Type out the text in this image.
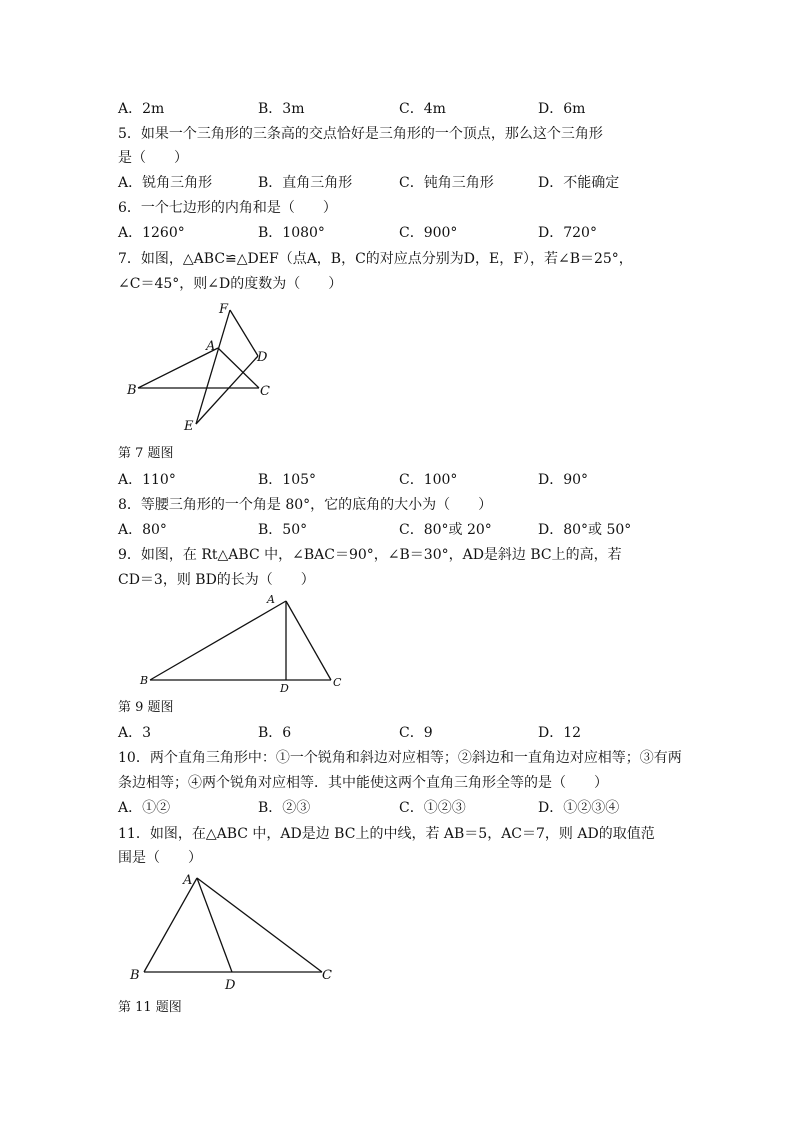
A．2m	B．3m	C．4m	D．6m
5．如果一个三角形的三条高的交点恰好是三角形的一个顶点，那么这个三角形
是（　　）
A．锐角三角形	B．直角三角形	C．钝角三角形	D．不能确定
6．一个七边形的内角和是（　　）
A．1260°	B．1080°	C．900°	D．720°
7．如图，△ABC≌△DEF（点A，B，C的对应点分别为D，E，F），若∠B＝25°，
∠C＝45°，则∠D的度数为（　　）
F
A
D
B	C
E
第 7 题图
A．110°	B．105°	C．100°	D．90°
8．等腰三角形的一个角是 80°，它的底角的大小为（　　）
A．80°	B．50°	C．80°或 20°	D．80°或 50°
9．如图，在 Rt△ABC 中，∠BAC＝90°，∠B＝30°，AD是斜边 BC上的高，若
CD＝3，则 BD的长为（　　）
A
B
D	C
第 9 题图
A．3	B．6	C．9	D．12
10．两个直角三角形中：①一个锐角和斜边对应相等；②斜边和一直角边对应相等；③有两
条边相等；④两个锐角对应相等．其中能使这两个直角三角形全等的是（　　）
A．①②	B．②③	C．①②③	D．①②③④
11．如图，在△ABC 中，AD是边 BC上的中线，若 AB＝5，AC＝7，则 AD的取值范
围是（　　）
A
B
D
C
第 11 题图
